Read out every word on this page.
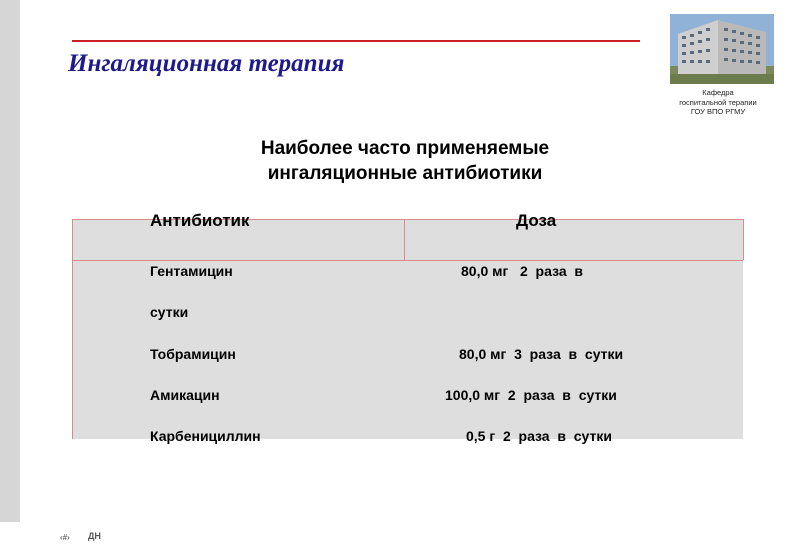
Ингаляционная терапия
Кафедра
госпитальной терапии
ГОУ ВПО РГМУ
Наиболее часто применяемые
ингаляционные антибиотики
Антибиотик	Доза
Гентамицин	80,0 мг   2  раза  в
сутки
Тобрамицин	80,0 мг  3  раза  в  сутки
Амикацин	100,0 мг  2  раза  в  сутки
Карбенициллин	0,5 г  2  раза  в  сутки
‹#› ДН
